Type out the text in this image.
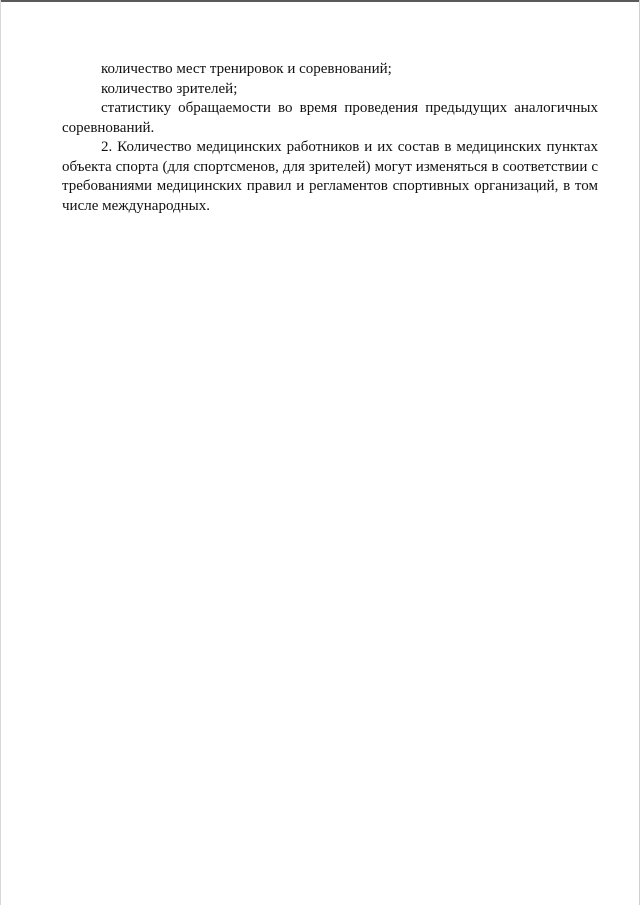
количество мест тренировок и соревнований;

количество зрителей;

статистику обращаемости во время проведения предыдущих аналогичных соревнований.

2. Количество медицинских работников и их состав в медицинских пунктах объекта спорта (для спортсменов, для зрителей) могут изменяться в соответствии с требованиями медицинских правил и регламентов спортивных организаций, в том числе международных.
